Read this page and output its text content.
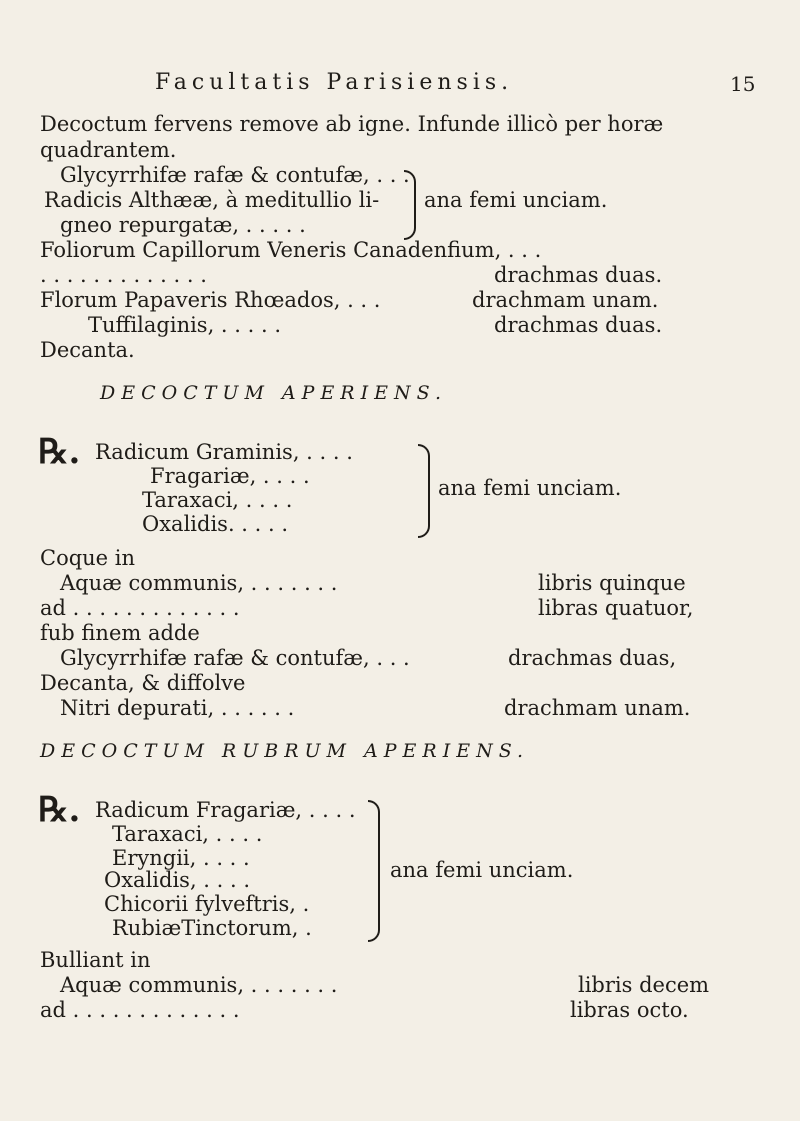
Facultatis Parisiensis.	15
Decoctum fervens remove ab igne. Infunde illicò per horæ
quadrantem.
Glycyrrhifæ rafæ & contufæ, . . .
Radicis Althææ, à meditullio li-
gneo repurgatæ, . . . . .
ana femi unciam.
Foliorum Capillorum Veneris Canadenfium, . . .
. . . . . . . . . . . . .	drachmas duas.
Florum Papaveris Rhœados, . . .	drachmam unam.
Tuffilaginis, . . . . .	drachmas duas.
Decanta.
DECOCTUM APERIENS.
℞. Radicum Graminis, . . . .
Fragariæ, . . . .
Taraxaci, . . . .
Oxalidis. . . . .
ana femi unciam.
Coque in
Aquæ communis, . . . . . . .	libris quinque
ad . . . . . . . . . . . . .	libras quatuor,
fub finem adde
Glycyrrhifæ rafæ & contufæ, . . .	drachmas duas,
Decanta, & diffolve
Nitri depurati, . . . . . .	drachmam unam.
DECOCTUM RUBRUM APERIENS.
℞. Radicum Fragariæ, . . . .
Taraxaci, . . . .
Eryngii, . . . .
Oxalidis, . . . .
Chicorii fylveftris, .
RubiæTinctorum, .
ana femi unciam.
Bulliant in
Aquæ communis, . . . . . . .	libris decem
ad . . . . . . . . . . . . .	libras octo.
